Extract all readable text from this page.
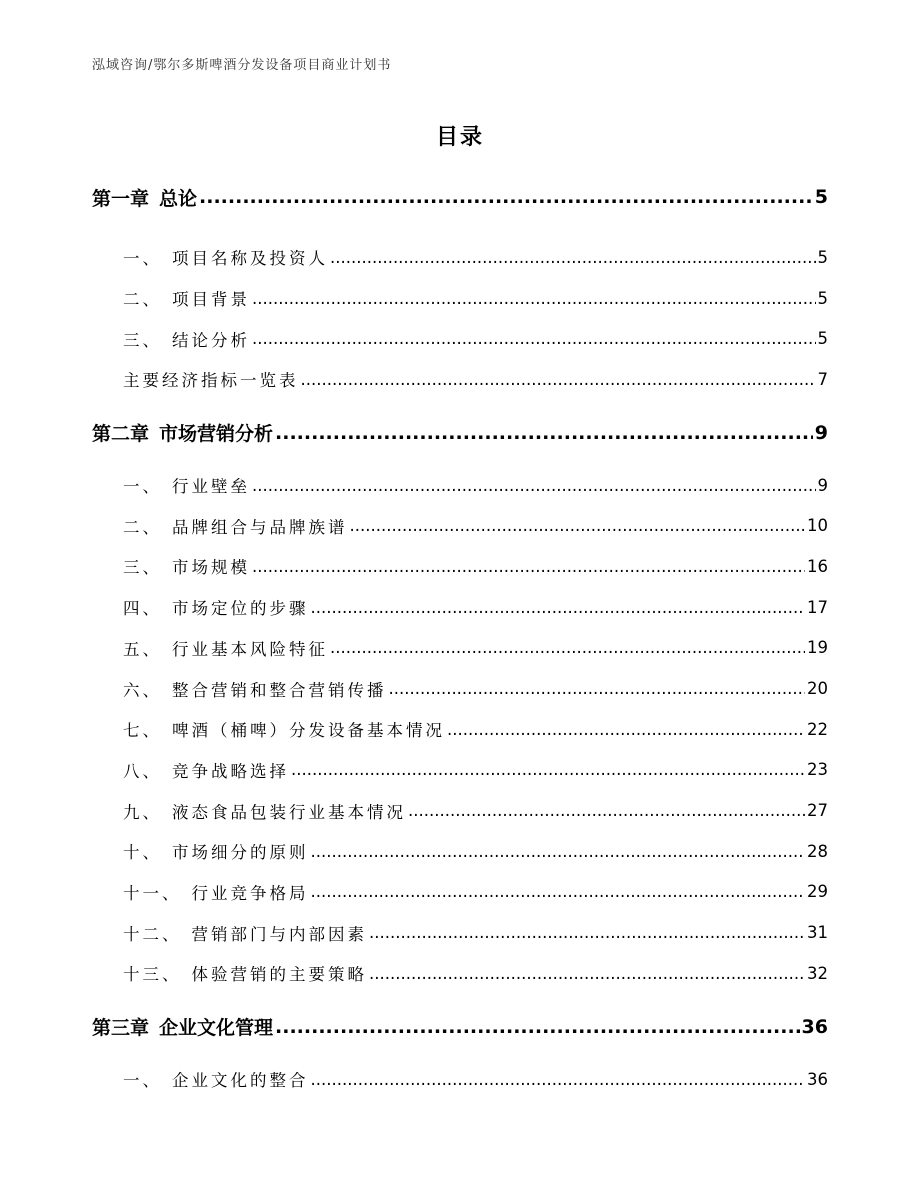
泓域咨询/鄂尔多斯啤酒分发设备项目商业计划书
目录
第一章 总论 .....	5
一、 项目名称及投资人 .....	5
二、 项目背景 .....	5
三、 结论分析 .....	5
主要经济指标一览表 .....	7
第二章 市场营销分析 .....	9
一、 行业壁垒 .....	9
二、 品牌组合与品牌族谱 .....	10
三、 市场规模 .....	16
四、 市场定位的步骤 .....	17
五、 行业基本风险特征 .....	19
六、 整合营销和整合营销传播 .....	20
七、 啤酒（桶啤）分发设备基本情况 .....	22
八、 竞争战略选择 .....	23
九、 液态食品包装行业基本情况 .....	27
十、 市场细分的原则 .....	28
十一、 行业竞争格局 .....	29
十二、 营销部门与内部因素 .....	31
十三、 体验营销的主要策略 .....	32
第三章 企业文化管理 .....	36
一、 企业文化的整合 .....	36
